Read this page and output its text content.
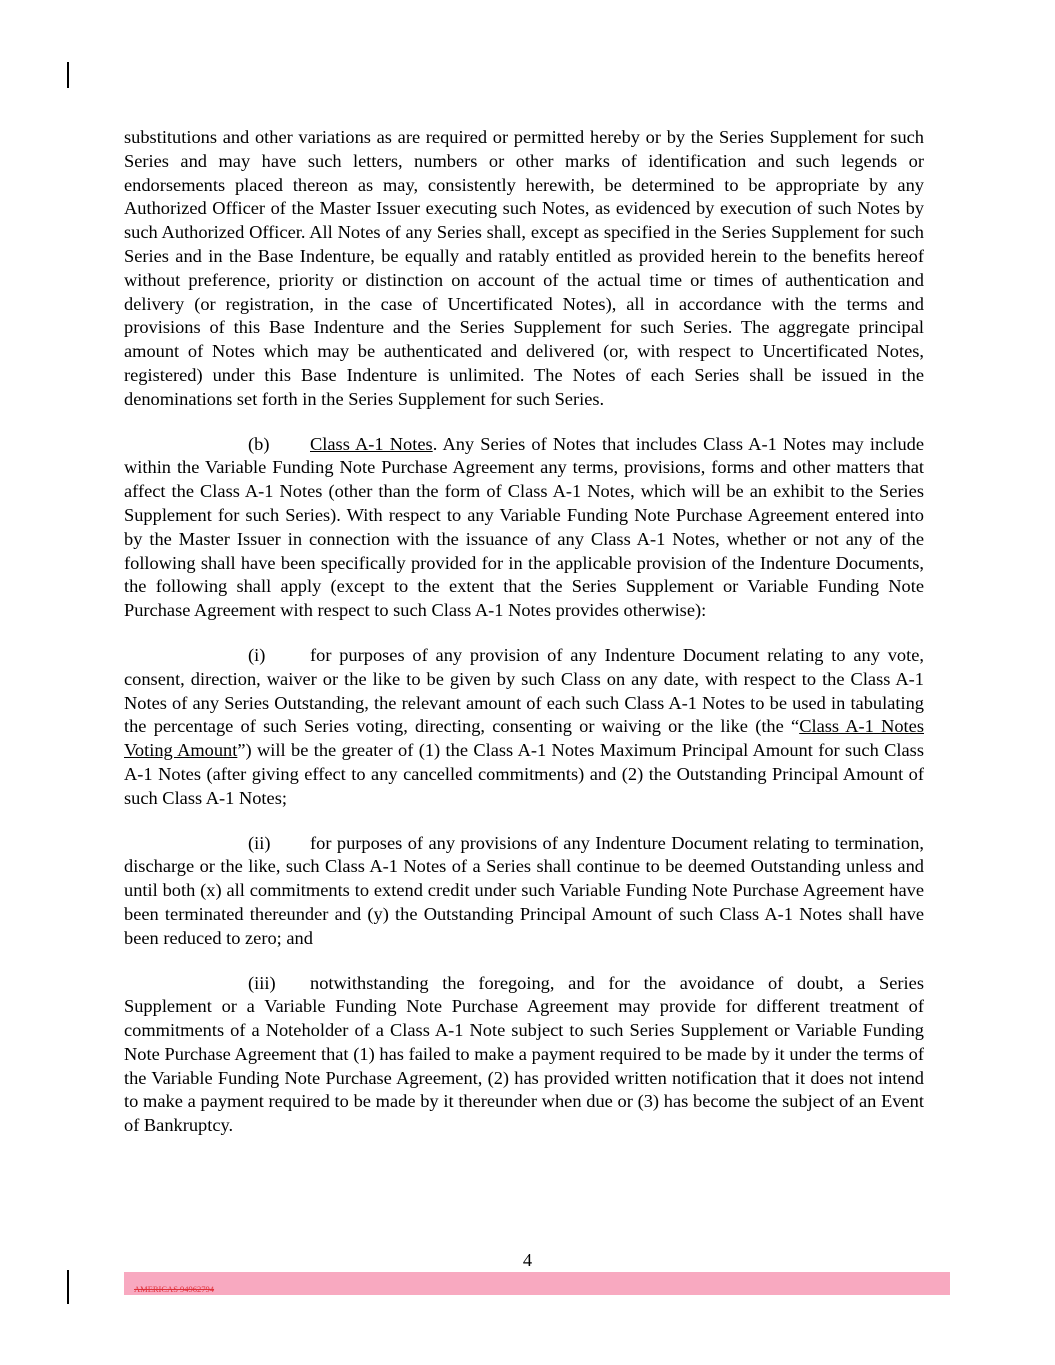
substitutions and other variations as are required or permitted hereby or by the Series Supplement for such Series and may have such letters, numbers or other marks of identification and such legends or endorsements placed thereon as may, consistently herewith, be determined to be appropriate by any Authorized Officer of the Master Issuer executing such Notes, as evidenced by execution of such Notes by such Authorized Officer. All Notes of any Series shall, except as specified in the Series Supplement for such Series and in the Base Indenture, be equally and ratably entitled as provided herein to the benefits hereof without preference, priority or distinction on account of the actual time or times of authentication and delivery (or registration, in the case of Uncertificated Notes), all in accordance with the terms and provisions of this Base Indenture and the Series Supplement for such Series. The aggregate principal amount of Notes which may be authenticated and delivered (or, with respect to Uncertificated Notes, registered) under this Base Indenture is unlimited. The Notes of each Series shall be issued in the denominations set forth in the Series Supplement for such Series.

(b) Class A-1 Notes. Any Series of Notes that includes Class A-1 Notes may include within the Variable Funding Note Purchase Agreement any terms, provisions, forms and other matters that affect the Class A-1 Notes (other than the form of Class A-1 Notes, which will be an exhibit to the Series Supplement for such Series). With respect to any Variable Funding Note Purchase Agreement entered into by the Master Issuer in connection with the issuance of any Class A-1 Notes, whether or not any of the following shall have been specifically provided for in the applicable provision of the Indenture Documents, the following shall apply (except to the extent that the Series Supplement or Variable Funding Note Purchase Agreement with respect to such Class A-1 Notes provides otherwise):

(i) for purposes of any provision of any Indenture Document relating to any vote, consent, direction, waiver or the like to be given by such Class on any date, with respect to the Class A-1 Notes of any Series Outstanding, the relevant amount of each such Class A-1 Notes to be used in tabulating the percentage of such Series voting, directing, consenting or waiving or the like (the “Class A-1 Notes Voting Amount”) will be the greater of (1) the Class A-1 Notes Maximum Principal Amount for such Class A-1 Notes (after giving effect to any cancelled commitments) and (2) the Outstanding Principal Amount of such Class A-1 Notes;

(ii) for purposes of any provisions of any Indenture Document relating to termination, discharge or the like, such Class A-1 Notes of a Series shall continue to be deemed Outstanding unless and until both (x) all commitments to extend credit under such Variable Funding Note Purchase Agreement have been terminated thereunder and (y) the Outstanding Principal Amount of such Class A-1 Notes shall have been reduced to zero; and

(iii) notwithstanding the foregoing, and for the avoidance of doubt, a Series Supplement or a Variable Funding Note Purchase Agreement may provide for different treatment of commitments of a Noteholder of a Class A-1 Note subject to such Series Supplement or Variable Funding Note Purchase Agreement that (1) has failed to make a payment required to be made by it under the terms of the Variable Funding Note Purchase Agreement, (2) has provided written notification that it does not intend to make a payment required to be made by it thereunder when due or (3) has become the subject of an Event of Bankruptcy.

4
AMERICAS 94962794
